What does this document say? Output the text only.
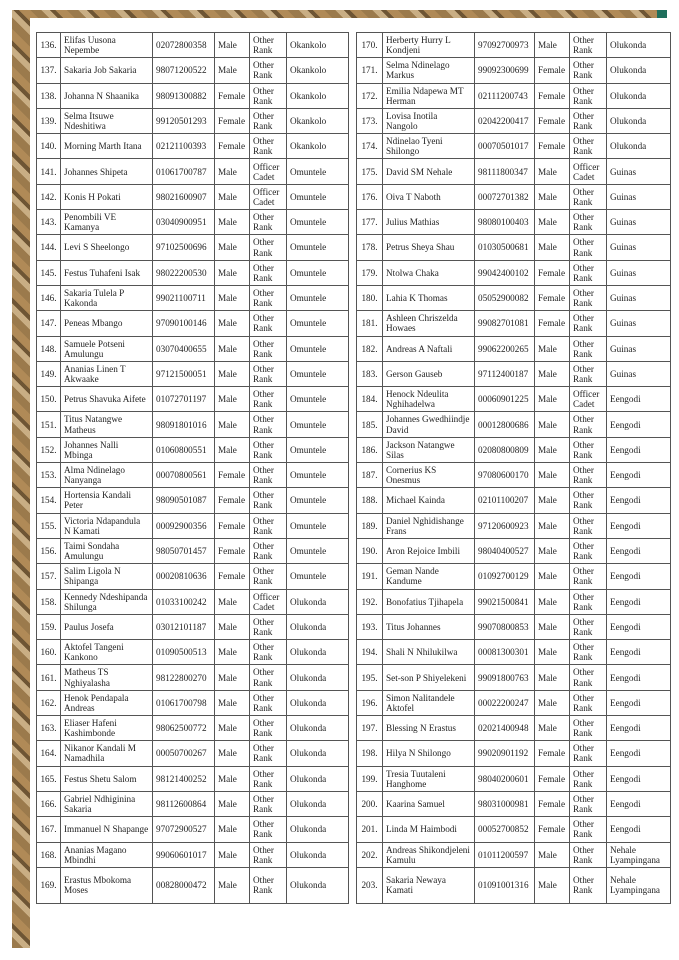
136.	Elifas Uusona Nepembe	02072800358	Male	Other Rank	Okankolo
137.	Sakaria Job Sakaria	98071200522	Male	Other Rank	Okankolo
138.	Johanna N Shaanika	98091300882	Female	Other Rank	Okankolo
139.	Selma Itsuwe Ndeshitiwa	99120501293	Female	Other Rank	Okankolo
140.	Morning Marth Itana	02121100393	Female	Other Rank	Okankolo
141.	Johannes Shipeta	01061700787	Male	Officer Cadet	Omuntele
142.	Konis H Pokati	98021600907	Male	Officer Cadet	Omuntele
143.	Penombili VE Kamanya	03040900951	Male	Other Rank	Omuntele
144.	Levi S Sheelongo	97102500696	Male	Other Rank	Omuntele
145.	Festus Tuhafeni Isak	98022200530	Male	Other Rank	Omuntele
146.	Sakaria Tulela P Kakonda	99021100711	Male	Other Rank	Omuntele
147.	Peneas Mbango	97090100146	Male	Other Rank	Omuntele
148.	Samuele Potseni Amulungu	03070400655	Male	Other Rank	Omuntele
149.	Ananias Linen T Akwaake	97121500051	Male	Other Rank	Omuntele
150.	Petrus Shavuka Aifete	01072701197	Male	Other Rank	Omuntele
151.	Titus Natangwe Matheus	98091801016	Male	Other Rank	Omuntele
152.	Johannes Nalli Mbinga	01060800551	Male	Other Rank	Omuntele
153.	Alma Ndinelago Nanyanga	00070800561	Female	Other Rank	Omuntele
154.	Hortensia Kandali Peter	98090501087	Female	Other Rank	Omuntele
155.	Victoria Ndapandula N Kamati	00092900356	Female	Other Rank	Omuntele
156.	Taimi Sondaha Amulungu	98050701457	Female	Other Rank	Omuntele
157.	Salim Ligola N Shipanga	00020810636	Female	Other Rank	Omuntele
158.	Kennedy Ndeshipanda Shilunga	01033100242	Male	Officer Cadet	Olukonda
159.	Paulus Josefa	03012101187	Male	Other Rank	Olukonda
160.	Aktofel Tangeni Kankono	01090500513	Male	Other Rank	Olukonda
161.	Matheus TS Nghiyalasha	98122800270	Male	Other Rank	Olukonda
162.	Henok Pendapala Andreas	01061700798	Male	Other Rank	Olukonda
163.	Eliaser Hafeni Kashimbonde	98062500772	Male	Other Rank	Olukonda
164.	Nikanor Kandali M Namadhila	00050700267	Male	Other Rank	Olukonda
165.	Festus Shetu Salom	98121400252	Male	Other Rank	Olukonda
166.	Gabriel Ndhiginina Sakaria	98112600864	Male	Other Rank	Olukonda
167.	Immanuel N Shapange	97072900527	Male	Other Rank	Olukonda
168.	Ananias Magano Mbindhi	99060601017	Male	Other Rank	Olukonda
169.	Erastus Mbokoma Moses	00828000472	Male	Other Rank	Olukonda
170.	Herberty Hurry L Kondjeni	97092700973	Male	Other Rank	Olukonda
171.	Selma Ndinelago Markus	99092300699	Female	Other Rank	Olukonda
172.	Emilia Ndapewa MT Herman	02111200743	Female	Other Rank	Olukonda
173.	Lovisa Inotila Nangolo	02042200417	Female	Other Rank	Olukonda
174.	Ndinelao Tyeni Shilongo	00070501017	Female	Other Rank	Olukonda
175.	David SM Nehale	98111800347	Male	Officer Cadet	Guinas
176.	Oiva T Naboth	00072701382	Male	Other Rank	Guinas
177.	Julius Mathias	98080100403	Male	Other Rank	Guinas
178.	Petrus Sheya Shau	01030500681	Male	Other Rank	Guinas
179.	Ntolwa Chaka	99042400102	Female	Other Rank	Guinas
180.	Lahia K Thomas	05052900082	Female	Other Rank	Guinas
181.	Ashleen Chriszelda Howaes	99082701081	Female	Other Rank	Guinas
182.	Andreas A Naftali	99062200265	Male	Other Rank	Guinas
183.	Gerson Gauseb	97112400187	Male	Other Rank	Guinas
184.	Henock Ndeulita Nghihadelwa	00060901225	Male	Officer Cadet	Eengodi
185.	Johannes Gwedhiindje David	00012800686	Male	Other Rank	Eengodi
186.	Jackson Natangwe Silas	02080800809	Male	Other Rank	Eengodi
187.	Cornerius KS Onesmus	97080600170	Male	Other Rank	Eengodi
188.	Michael Kainda	02101100207	Male	Other Rank	Eengodi
189.	Daniel Nghidishange Frans	97120600923	Male	Other Rank	Eengodi
190.	Aron Rejoice Imbili	98040400527	Male	Other Rank	Eengodi
191.	Geman Nande Kandume	01092700129	Male	Other Rank	Eengodi
192.	Bonofatius Tjihapela	99021500841	Male	Other Rank	Eengodi
193.	Titus Johannes	99070800853	Male	Other Rank	Eengodi
194.	Shali N Nhilukilwa	00081300301	Male	Other Rank	Eengodi
195.	Set-son P Shiyelekeni	99091800763	Male	Other Rank	Eengodi
196.	Simon Nalitandele Aktofel	00022200247	Male	Other Rank	Eengodi
197.	Blessing N Erastus	02021400948	Male	Other Rank	Eengodi
198.	Hilya N Shilongo	99020901192	Female	Other Rank	Eengodi
199.	Tresia Tuutaleni Hanghome	98040200601	Female	Other Rank	Eengodi
200.	Kaarina Samuel	98031000981	Female	Other Rank	Eengodi
201.	Linda M Haimbodi	00052700852	Female	Other Rank	Eengodi
202.	Andreas Shikondjeleni Kamulu	01011200597	Male	Other Rank	Nehale Lyampingana
203.	Sakaria Newaya Kamati	01091001316	Male	Other Rank	Nehale Lyampingana
